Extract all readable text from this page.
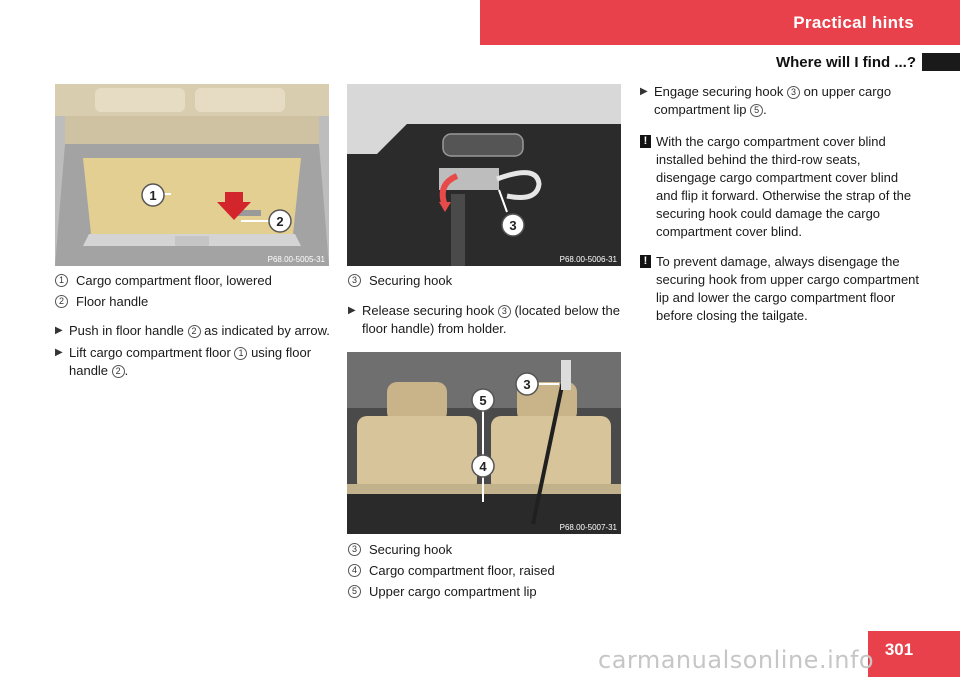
Practical hints
Where will I find ...?
1
2
P68.00-5005-31
3
P68.00-5006-31
3
5
4
P68.00-5007-31
1 Cargo compartment floor, lowered
2 Floor handle
▶ Push in floor handle 2 as indicated by arrow.
▶ Lift cargo compartment floor 1 using floor handle 2 .
3 Securing hook
▶ Release securing hook 3 (located below the floor handle) from holder.
3 Securing hook
4 Cargo compartment floor, raised
5 Upper cargo compartment lip
▶ Engage securing hook 3 on upper cargo compartment lip 5 .
! With the cargo compartment cover blind installed behind the third-row seats, disengage cargo compartment cover blind and flip it forward. Otherwise the strap of the securing hook could damage the cargo compartment cover blind.
! To prevent damage, always disengage the securing hook from upper cargo compartment lip and lower the cargo compartment floor before closing the tailgate.
301
carmanualsonline.info
